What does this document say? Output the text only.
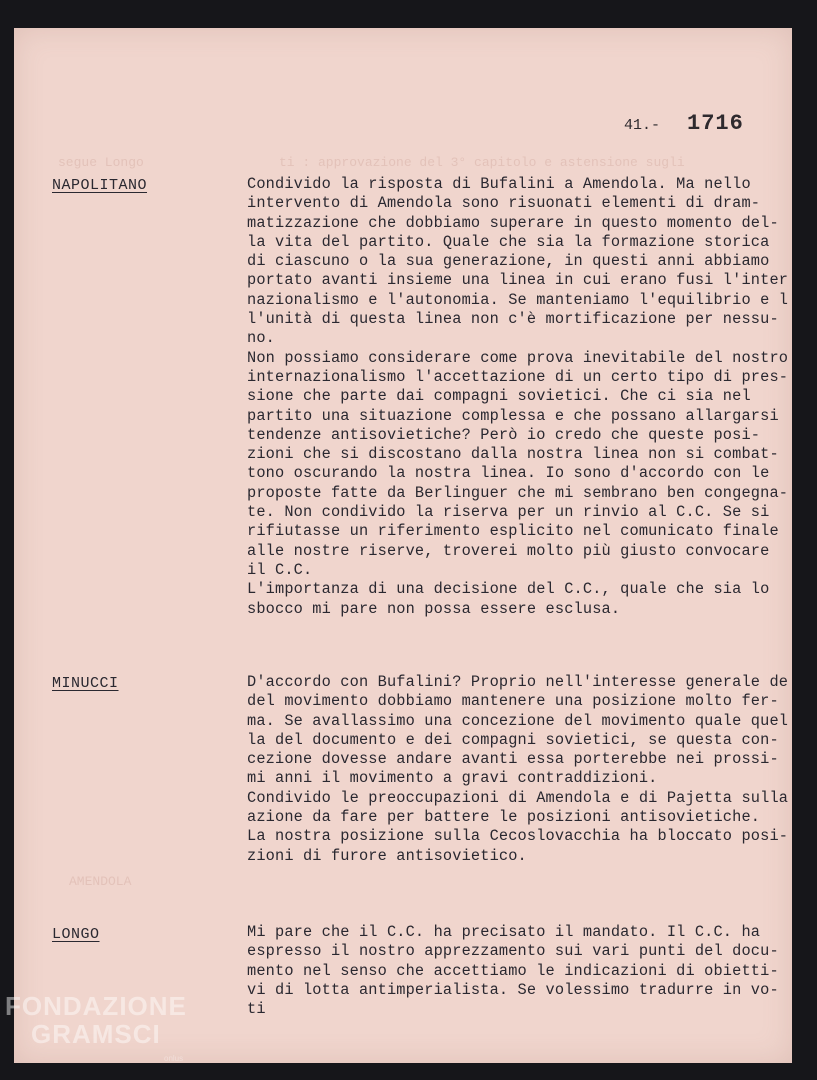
segue Longo	ti : approvazione del 3° capitolo e astensione sugli
AMENDOLA
41.- 1716
NAPOLITANO	Condivido la risposta di Bufalini a Amendola. Ma nello
intervento di Amendola sono risuonati elementi di dram-
matizzazione che dobbiamo superare in questo momento del-
la vita del partito. Quale che sia la formazione storica
di ciascuno o la sua generazione, in questi anni abbiamo
portato avanti insieme una linea in cui erano fusi l'inter
nazionalismo e l'autonomia. Se manteniamo l'equilibrio e l
l'unità di questa linea non c'è mortificazione per nessu-
no.
Non possiamo considerare come prova inevitabile del nostro
internazionalismo l'accettazione di un certo tipo di pres-
sione che parte dai compagni sovietici. Che ci sia nel
partito una situazione complessa e che possano allargarsi
tendenze antisovietiche? Però io credo che queste posi-
zioni che si discostano dalla nostra linea non si combat-
tono oscurando la nostra linea. Io sono d'accordo con le
proposte fatte da Berlinguer che mi sembrano ben congegna-
te. Non condivido la riserva per un rinvio al C.C. Se si
rifiutasse un riferimento esplicito nel comunicato finale
alle nostre riserve, troverei molto più giusto convocare
il C.C.
L'importanza di una decisione del C.C., quale che sia lo
sbocco mi pare non possa essere esclusa.
MINUCCI	D'accordo con Bufalini? Proprio nell'interesse generale de
del movimento dobbiamo mantenere una posizione molto fer-
ma. Se avallassimo una concezione del movimento quale quel
la del documento e dei compagni sovietici, se questa con-
cezione dovesse andare avanti essa porterebbe nei prossi-
mi anni il movimento a gravi contraddizioni.
Condivido le preoccupazioni di Amendola e di Pajetta sulla
azione da fare per battere le posizioni antisovietiche.
La nostra posizione sulla Cecoslovacchia ha bloccato posi-
zioni di furore antisovietico.
LONGO	Mi pare che il C.C. ha precisato il mandato. Il C.C. ha
espresso il nostro apprezzamento sui vari punti del docu-
mento nel senso che accettiamo le indicazioni di obietti-
vi di lotta antimperialista. Se volessimo tradurre in vo-
ti
FONDAZIONE
GRAMSCI
onlus
